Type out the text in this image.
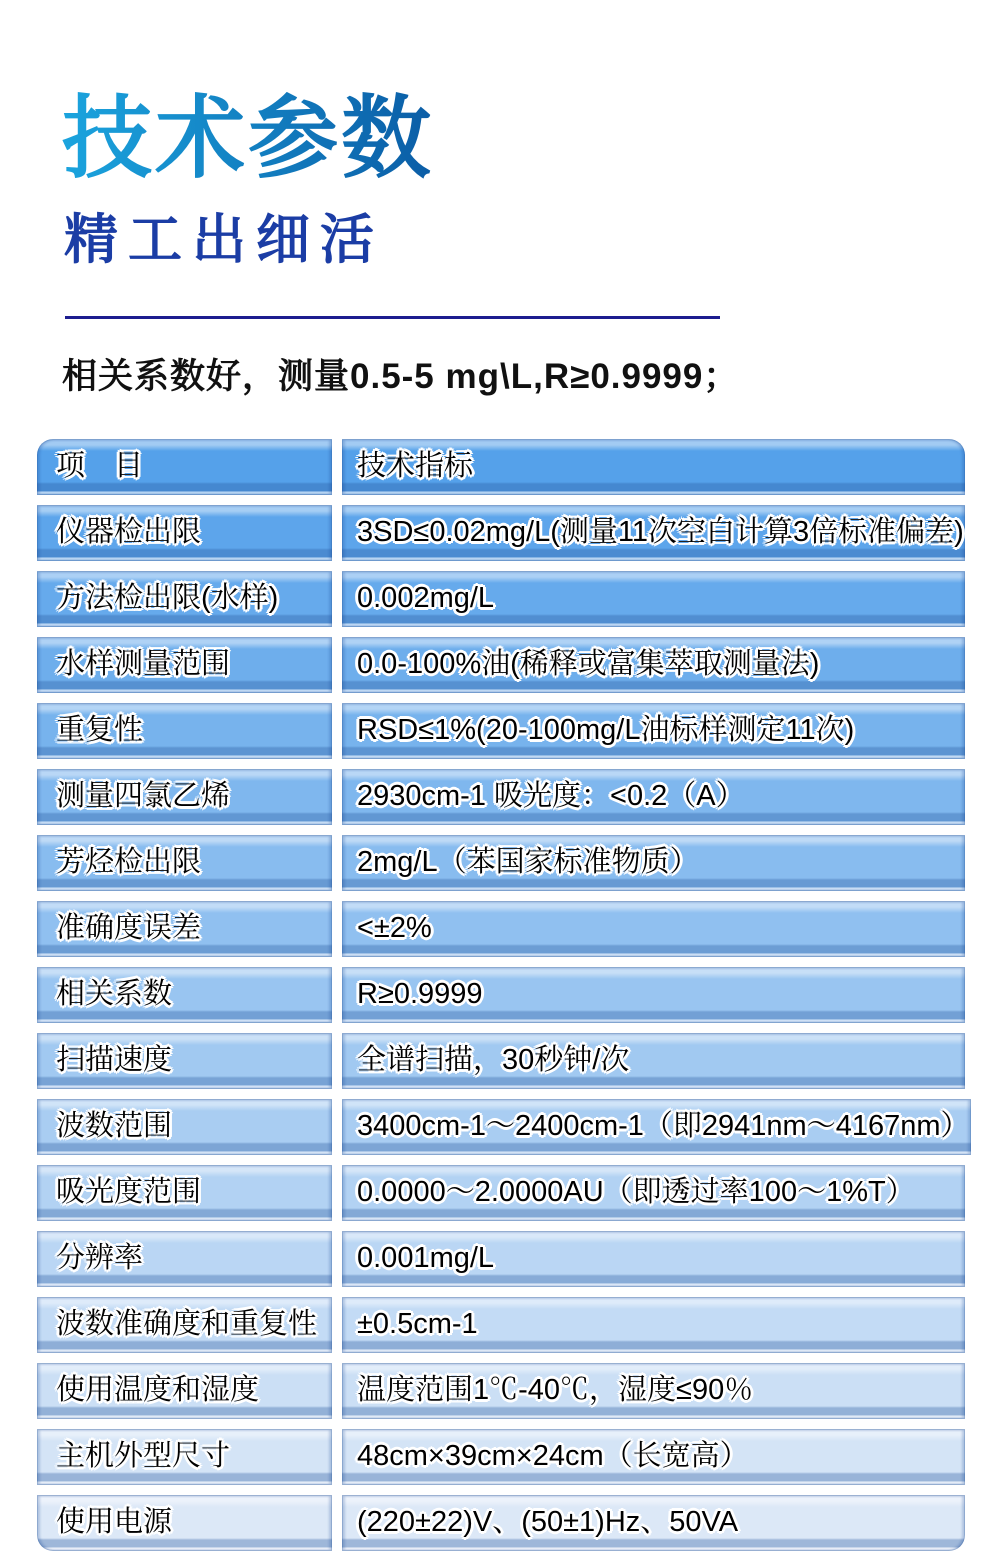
技术参数
精工出细活
相关系数好，测量0.5-5 mg\L,R≥0.9999；
项　目	技术指标
仪器检出限	3SD≤0.02mg/L(测量11次空白计算3倍标准偏差)
方法检出限(水样)	0.002mg/L
水样测量范围	0.0-100%油(稀释或富集萃取测量法)
重复性	RSD≤1%(20-100mg/L油标样测定11次)
测量四氯乙烯	2930cm-1 吸光度：<0.2（A）
芳烃检出限	2mg/L（苯国家标准物质）
准确度误差	<±2%
相关系数	R≥0.9999
扫描速度	全谱扫描，30秒钟/次
波数范围	3400cm-1～2400cm-1（即2941nm～4167nm）
吸光度范围	0.0000～2.0000AU（即透过率100～1%T）
分辨率	0.001mg/L
波数准确度和重复性 ±0.5cm-1
使用温度和湿度	温度范围1℃-40℃，湿度≤90％
主机外型尺寸	48cm×39cm×24cm（长宽高）
使用电源	(220±22)V、(50±1)Hz、50VA
